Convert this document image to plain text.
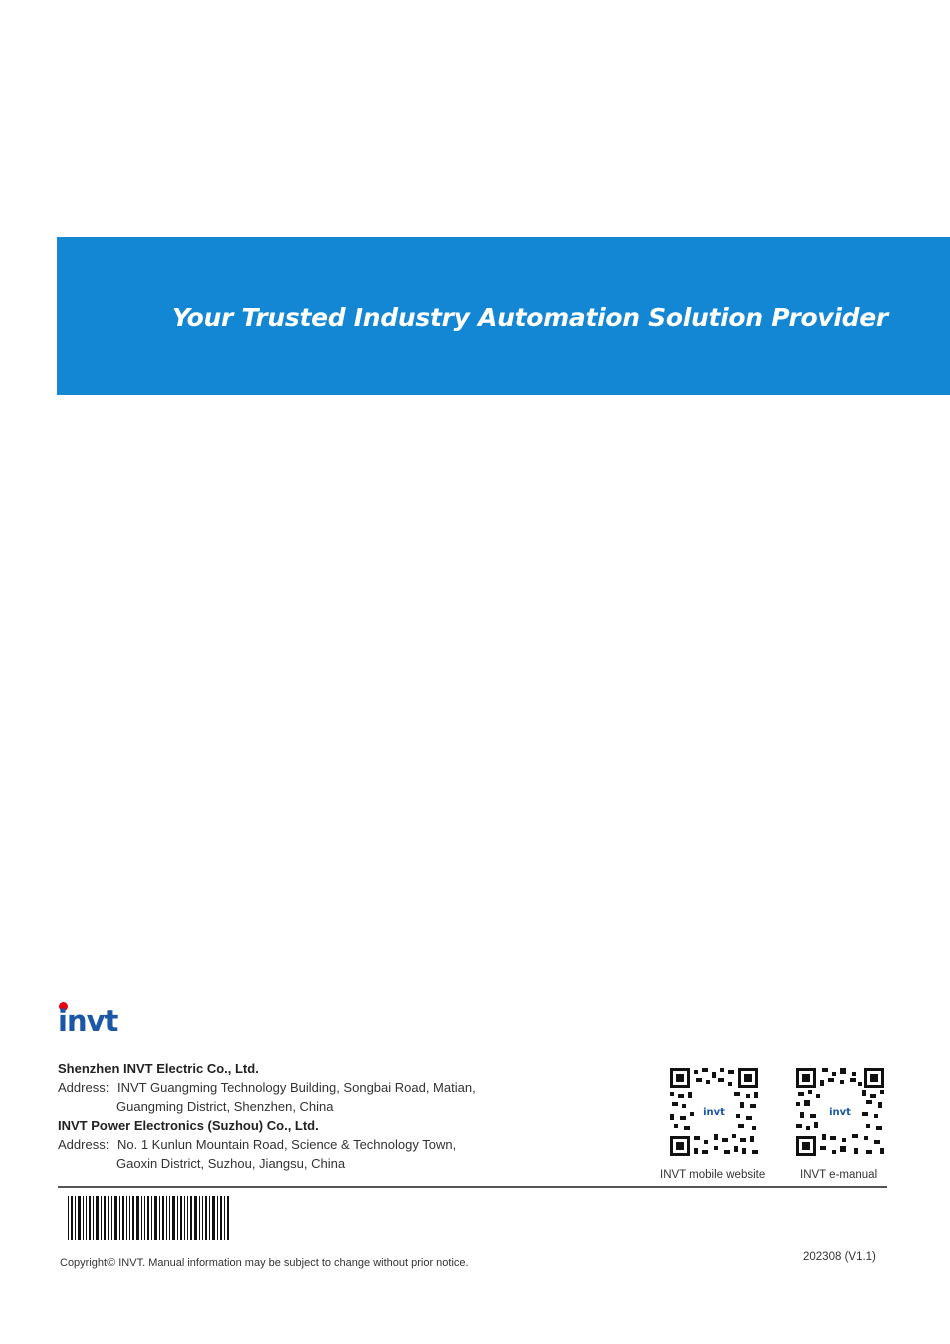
Your Trusted Industry Automation Solution Provider
invt
Shenzhen INVT Electric Co., Ltd.
Address: INVT Guangming Technology Building, Songbai Road, Matian,
Guangming District, Shenzhen, China
INVT Power Electronics (Suzhou) Co., Ltd.
Address: No. 1 Kunlun Mountain Road, Science & Technology Town,
Gaoxin District, Suzhou, Jiangsu, China
invt
INVT mobile website
invt
INVT e-manual
Copyright© INVT. Manual information may be subject to change without prior notice.	202308 (V1.1)
